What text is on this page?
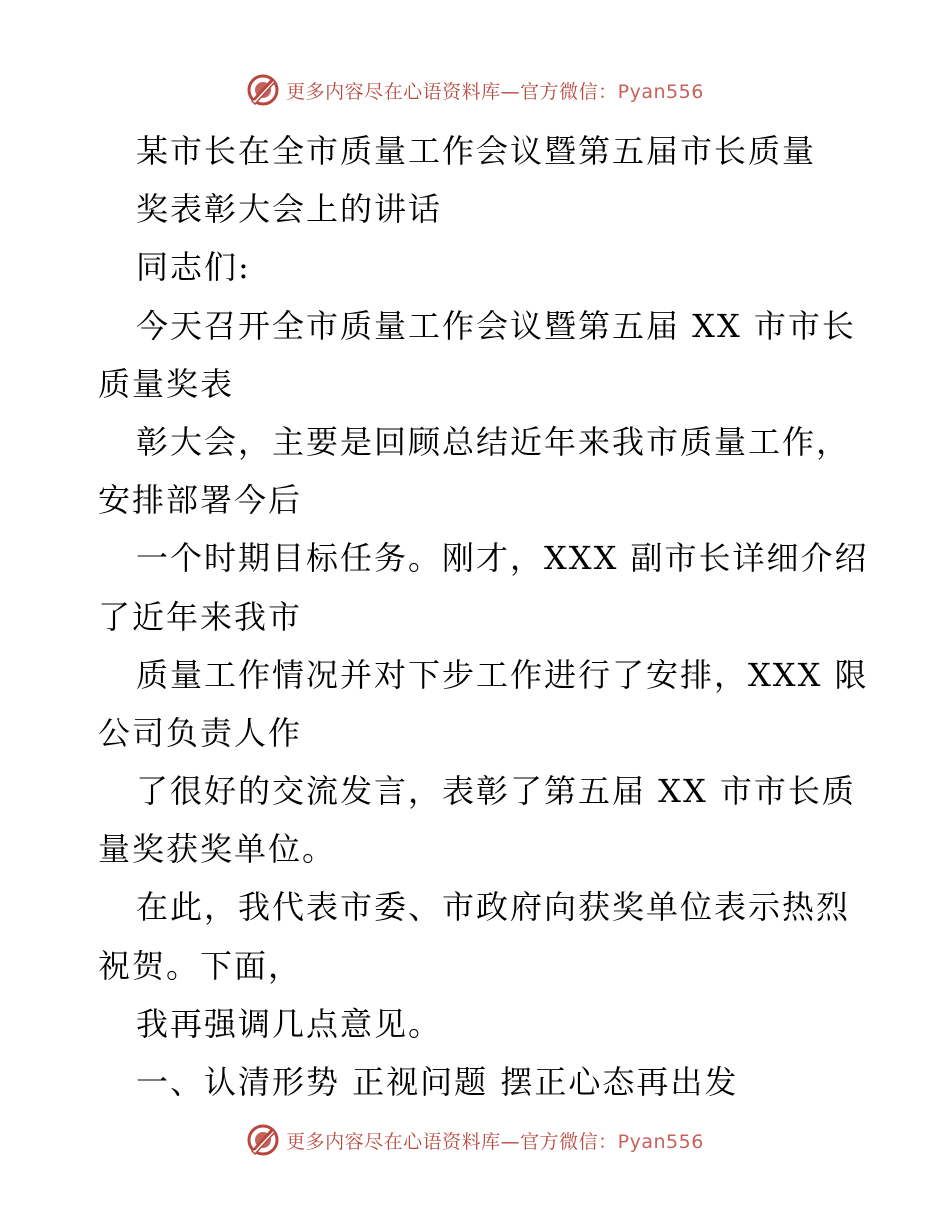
更多内容尽在心语资料库—官方微信：Pyan556
某市长在全市质量工作会议暨第五届市长质量
奖表彰大会上的讲话
同志们:
今天召开全市质量工作会议暨第五届 XX 市市长
质量奖表
彰大会，主要是回顾总结近年来我市质量工作，
安排部署今后
一个时期目标任务。刚才，XXX 副市长详细介绍
了近年来我市
质量工作情况并对下步工作进行了安排，XXX 限
公司负责人作
了很好的交流发言，表彰了第五届 XX 市市长质
量奖获奖单位。
在此，我代表市委、市政府向获奖单位表示热烈
祝贺。下面，
我再强调几点意见。
一、认清形势 正视问题 摆正心态再出发
更多内容尽在心语资料库—官方微信：Pyan556
